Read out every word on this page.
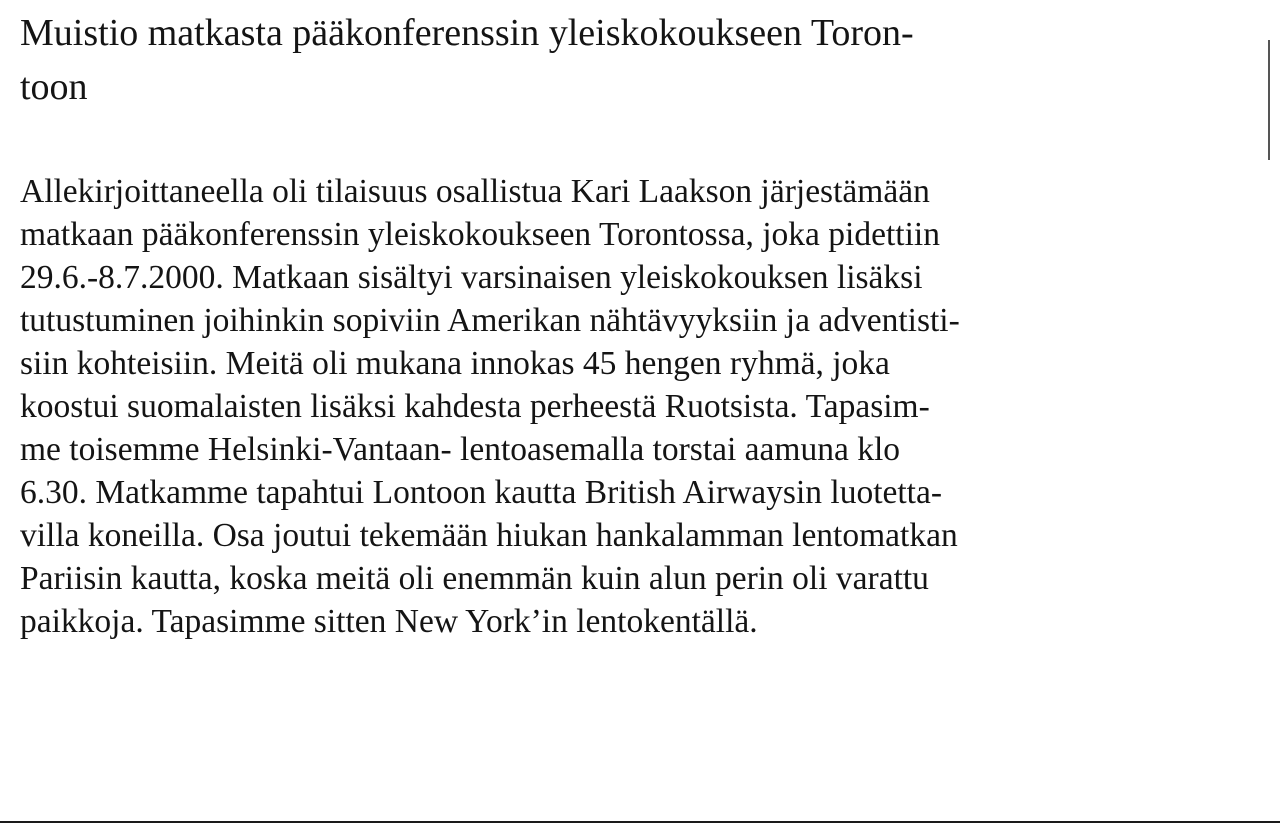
Muistio matkasta pääkonferenssin yleiskokoukseen Toron-
toon
Allekirjoittaneella oli tilaisuus osallistua Kari Laakson järjestämään
matkaan pääkonferenssin yleiskokoukseen Torontossa, joka pidettiin
29.6.-8.7.2000. Matkaan sisältyi varsinaisen yleiskokouksen lisäksi
tutustuminen joihinkin sopiviin Amerikan nähtävyyksiin ja adventisti-
siin kohteisiin. Meitä oli mukana innokas 45 hengen ryhmä, joka
koostui suomalaisten lisäksi kahdesta perheestä Ruotsista. Tapasim-
me toisemme Helsinki-Vantaan- lentoasemalla torstai aamuna klo
6.30. Matkamme tapahtui Lontoon kautta British Airwaysin luotetta-
villa koneilla. Osa joutui tekemään hiukan hankalamman lentomatkan
Pariisin kautta, koska meitä oli enemmän kuin alun perin oli varattu
paikkoja. Tapasimme sitten New York’in lentokentällä.
